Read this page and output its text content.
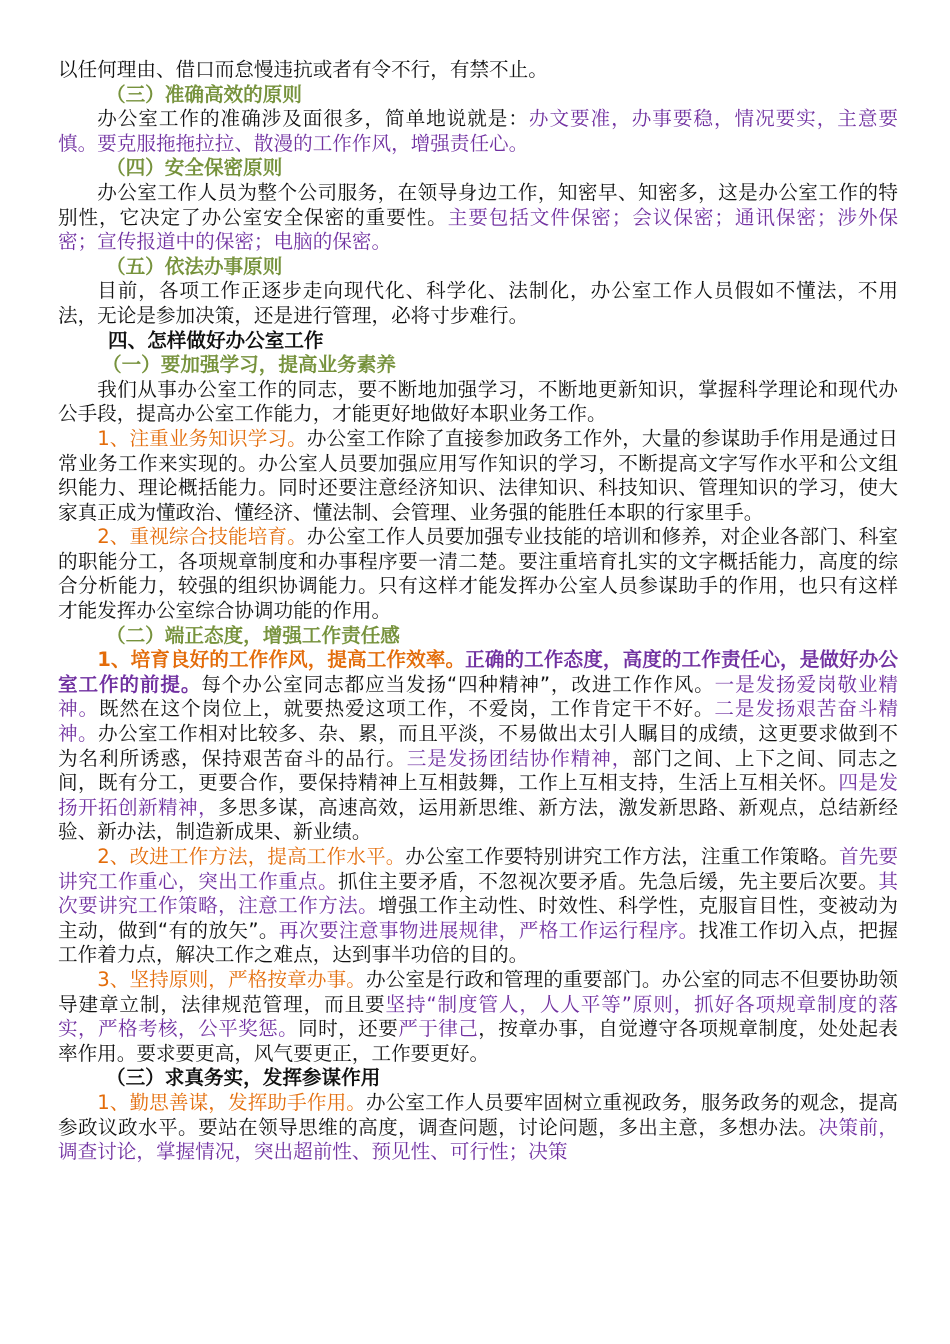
以任何理由、借口而怠慢违抗或者有令不行，有禁不止。

（三）准确高效的原则

办公室工作的准确涉及面很多，简单地说就是：办文要准，办事要稳，情况要实，主意要慎。要克服拖拖拉拉、散漫的工作作风，增强责任心。

（四）安全保密原则

办公室工作人员为整个公司服务，在领导身边工作，知密早、知密多，这是办公室工作的特别性，它决定了办公室安全保密的重要性。主要包括文件保密；会议保密；通讯保密；涉外保密；宣传报道中的保密；电脑的保密。

（五）依法办事原则

目前，各项工作正逐步走向现代化、科学化、法制化，办公室工作人员假如不懂法，不用法，无论是参加决策，还是进行管理，必将寸步难行。

四、怎样做好办公室工作

（一）要加强学习，提高业务素养

我们从事办公室工作的同志，要不断地加强学习，不断地更新知识，掌握科学理论和现代办公手段，提高办公室工作能力，才能更好地做好本职业务工作。

1、注重业务知识学习。办公室工作除了直接参加政务工作外，大量的参谋助手作用是通过日常业务工作来实现的。办公室人员要加强应用写作知识的学习，不断提高文字写作水平和公文组织能力、理论概括能力。同时还要注意经济知识、法律知识、科技知识、管理知识的学习，使大家真正成为懂政治、懂经济、懂法制、会管理、业务强的能胜任本职的行家里手。

2、重视综合技能培育。办公室工作人员要加强专业技能的培训和修养，对企业各部门、科室的职能分工，各项规章制度和办事程序要一清二楚。要注重培育扎实的文字概括能力，高度的综合分析能力，较强的组织协调能力。只有这样才能发挥办公室人员参谋助手的作用，也只有这样才能发挥办公室综合协调功能的作用。

（二）端正态度，增强工作责任感

1、培育良好的工作作风，提高工作效率。正确的工作态度，高度的工作责任心，是做好办公室工作的前提。每个办公室同志都应当发扬“四种精神”，改进工作作风。一是发扬爱岗敬业精神。既然在这个岗位上，就要热爱这项工作，不爱岗，工作肯定干不好。二是发扬艰苦奋斗精神。办公室工作相对比较多、杂、累，而且平淡，不易做出太引人瞩目的成绩，这更要求做到不为名利所诱惑，保持艰苦奋斗的品行。三是发扬团结协作精神，部门之间、上下之间、同志之间，既有分工，更要合作，要保持精神上互相鼓舞，工作上互相支持，生活上互相关怀。四是发扬开拓创新精神，多思多谋，高速高效，运用新思维、新方法，激发新思路、新观点，总结新经验、新办法，制造新成果、新业绩。

2、改进工作方法，提高工作水平。办公室工作要特别讲究工作方法，注重工作策略。首先要讲究工作重心，突出工作重点。抓住主要矛盾，不忽视次要矛盾。先急后缓，先主要后次要。其次要讲究工作策略，注意工作方法。增强工作主动性、时效性、科学性，克服盲目性，变被动为主动，做到“有的放矢”。再次要注意事物进展规律，严格工作运行程序。找准工作切入点，把握工作着力点，解决工作之难点，达到事半功倍的目的。

3、坚持原则，严格按章办事。办公室是行政和管理的重要部门。办公室的同志不但要协助领导建章立制，法律规范管理，而且要坚持“制度管人，人人平等”原则，抓好各项规章制度的落实，严格考核，公平奖惩。同时，还要严于律己，按章办事，自觉遵守各项规章制度，处处起表率作用。要求要更高，风气要更正，工作要更好。

（三）求真务实，发挥参谋作用

1、勤思善谋，发挥助手作用。办公室工作人员要牢固树立重视政务，服务政务的观念，提高参政议政水平。要站在领导思维的高度，调查问题，讨论问题，多出主意，多想办法。决策前，调查讨论，掌握情况，突出超前性、预见性、可行性；决策
